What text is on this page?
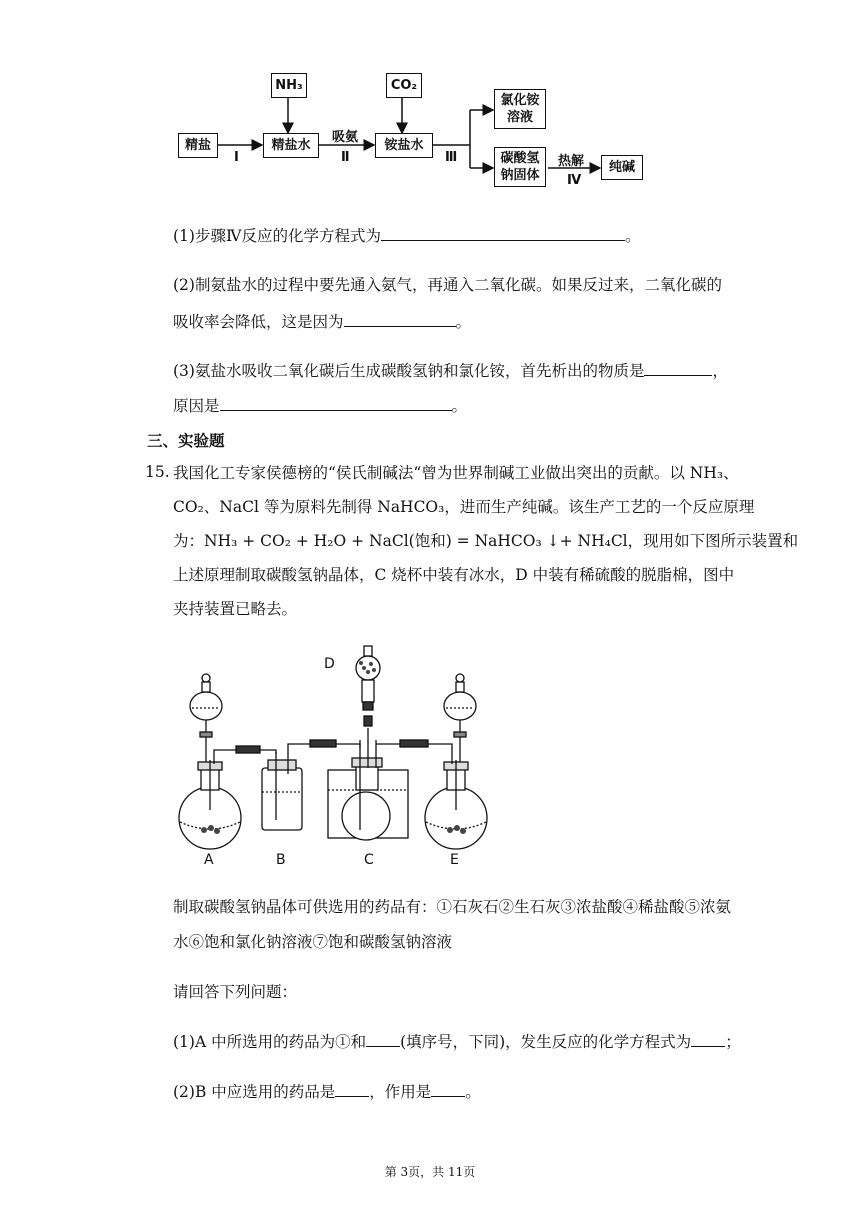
精盐	精盐水
NH₃
铵盐水
CO₂
氯化铵溶液
碳酸氢钠固体
纯碱
Ⅰ
吸氨
Ⅱ	Ⅲ	热解
Ⅳ
(1)步骤Ⅳ反应的化学方程式为	。
(2)制氨盐水的过程中要先通入氨气，再通入二氧化碳。如果反过来，二氧化碳的
吸收率会降低，这是因为	。
(3)氨盐水吸收二氧化碳后生成碳酸氢钠和氯化铵，首先析出的物质是	，
原因是	。
三、实验题
15. 我国化工专家侯德榜的“侯氏制碱法“曾为世界制碱工业做出突出的贡献。以 NH₃、
CO₂、NaCl 等为原料先制得 NaHCO₃，进而生产纯碱。该生产工艺的一个反应原理
为：NH₃ + CO₂ + H₂O + NaCl(饱和) = NaHCO₃ ↓+ NH₄Cl，现用如下图所示装置和
上述原理制取碳酸氢钠晶体，C 烧杯中装有冰水，D 中装有稀硫酸的脱脂棉，图中
夹持装置已略去。
D
A	B	C	E
制取碳酸氢钠晶体可供选用的药品有：①石灰石②生石灰③浓盐酸④稀盐酸⑤浓氨
水⑥饱和氯化钠溶液⑦饱和碳酸氢钠溶液
请回答下列问题：
(1)A 中所选用的药品为①和 (填序号，下同)，发生反应的化学方程式为 ；
(2)B 中应选用的药品是 ，作用是 。
第 3页，共 11页
